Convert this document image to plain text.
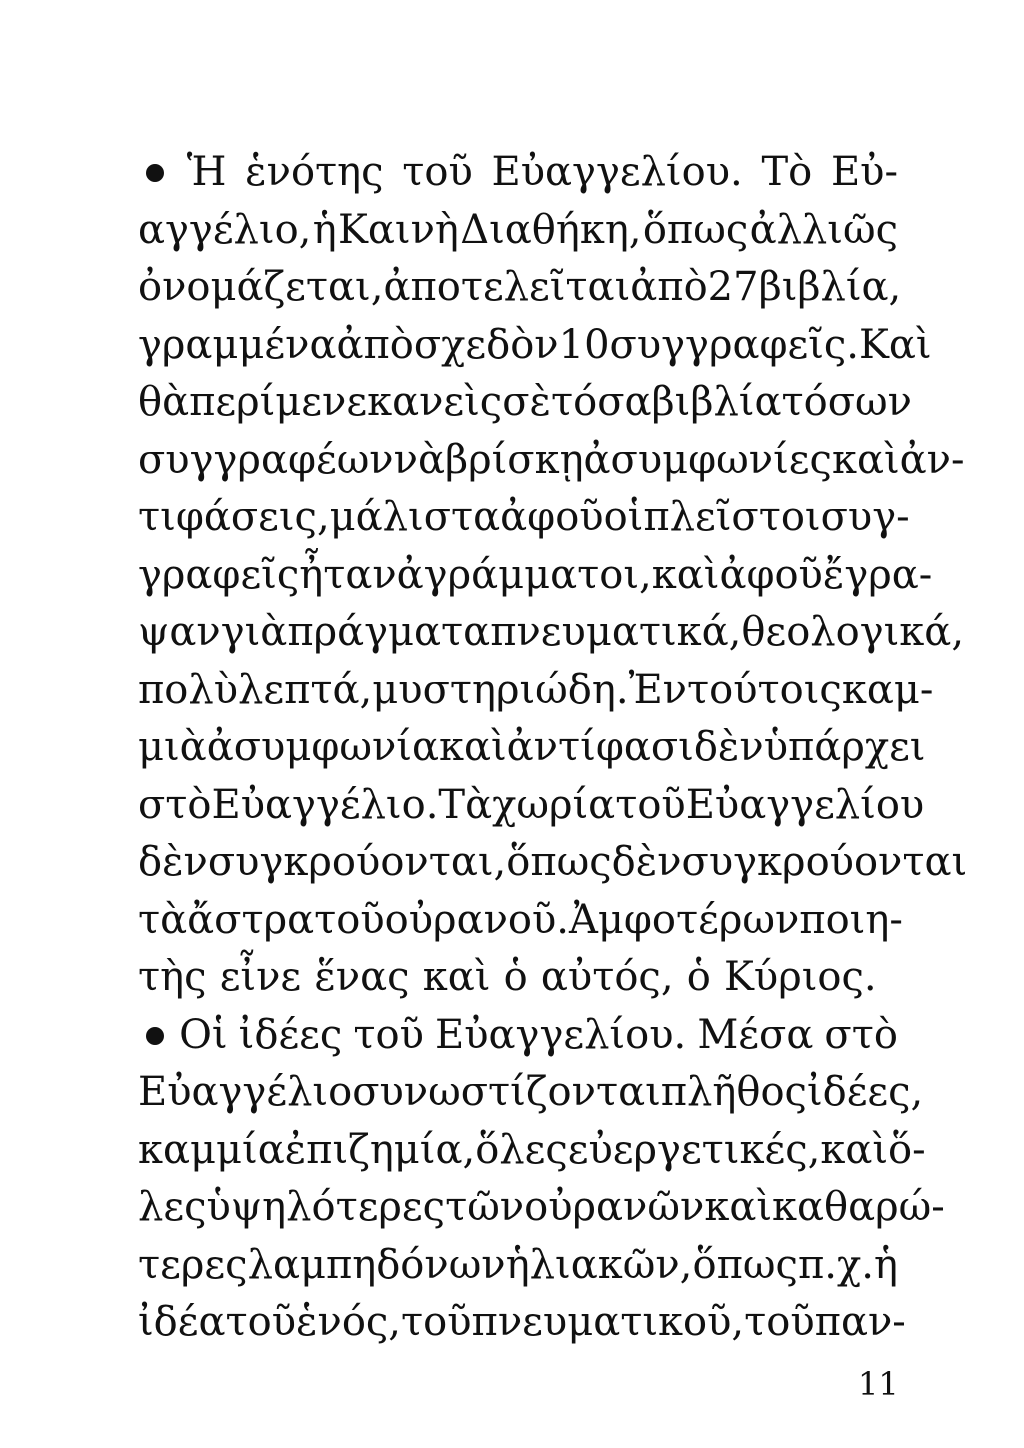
Ἡ ἑνότης τοῦ Εὐαγγελίου. Τὸ Εὐ-
αγγέλιο, ἡ Καινὴ Διαθήκη, ὅπως ἀλλιῶς
ὀνομάζεται, ἀποτελεῖται ἀπὸ 27 βιβλία,
γραμμένα ἀπὸ σχεδὸν 10 συγγραφεῖς. Καὶ
θὰ περίμενε κανεὶς σὲ τόσα βιβλία τόσων
συγγραφέων νὰ βρίσκῃ ἀσυμφωνίες καὶ ἀν-
τιφάσεις, μάλιστα ἀφοῦ οἱ πλεῖστοι συγ-
γραφεῖς ἦταν ἀγράμματοι, καὶ ἀφοῦ ἔγρα-
ψαν γιὰ πράγματα πνευματικά, θεολογικά,
πολὺ λεπτά, μυστηριώδη. Ἐν τούτοις καμ-
μιὰ ἀσυμφωνία καὶ ἀντίφασι δὲν ὑπάρχει
στὸ Εὐαγγέλιο. Τὰ χωρία τοῦ Εὐαγγελίου
δὲν συγκρούονται, ὅπως δὲν συγκρούονται
τὰ ἄστρα τοῦ οὐρανοῦ. Ἀμφοτέρων ποιη-
τὴς εἶνε ἕνας καὶ ὁ αὐτός, ὁ Κύριος.
Οἱ ἰδέες τοῦ Εὐαγγελίου. Μέσα στὸ
Εὐαγγέλιο συνωστίζονται πλῆθος ἰδέες,
καμμία ἐπιζημία, ὅλες εὐεργετικές, καὶ ὅ-
λες ὑψηλότερες τῶν οὐρανῶν καὶ καθαρώ-
τερες λαμπηδόνων ἡλιακῶν, ὅπως π.χ. ἡ
ἰδέα τοῦ ἑνός, τοῦ πνευματικοῦ, τοῦ παν-
11
